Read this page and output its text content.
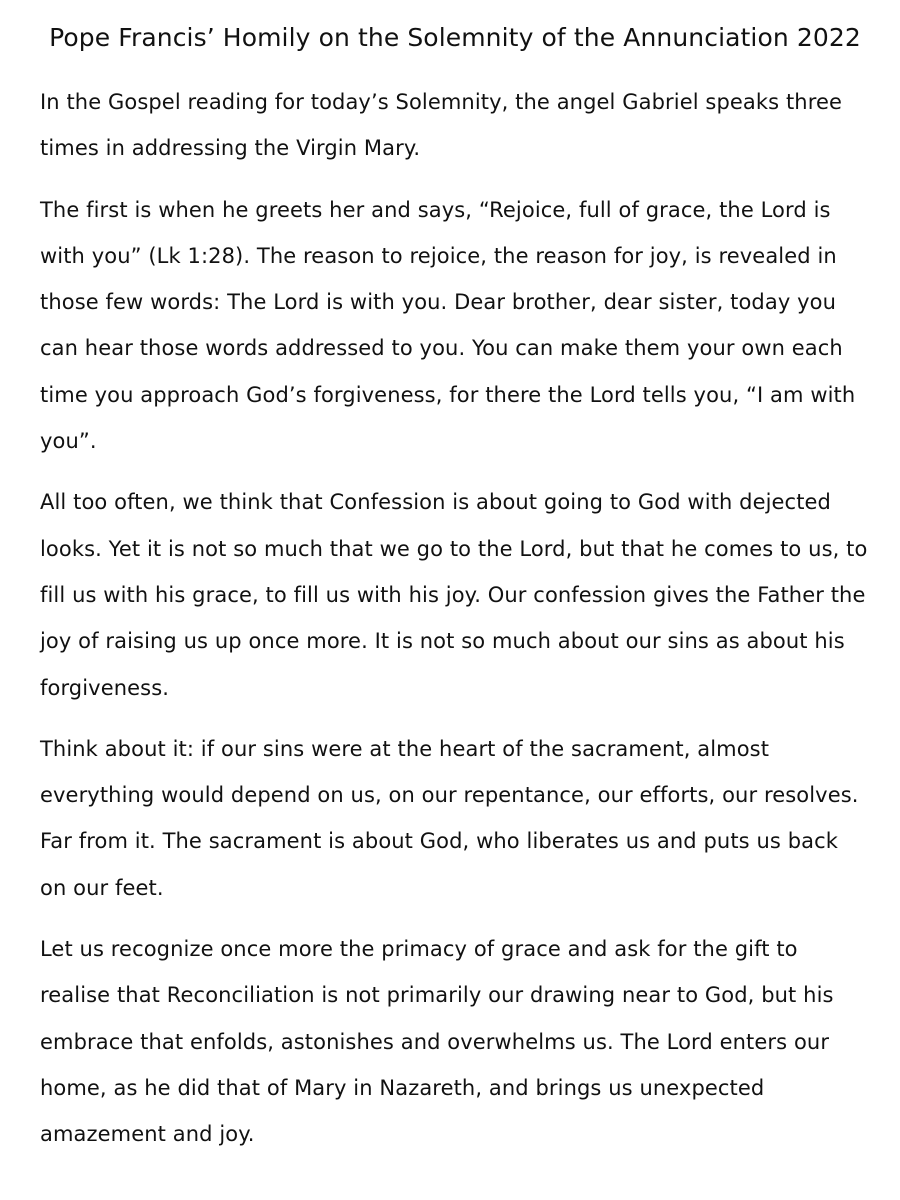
Pope Francis’ Homily on the Solemnity of the Annunciation 2022

In the Gospel reading for today’s Solemnity, the angel Gabriel speaks three times in addressing the Virgin Mary.

The first is when he greets her and says, “Rejoice, full of grace, the Lord is with you” (Lk 1:28). The reason to rejoice, the reason for joy, is revealed in those few words: The Lord is with you. Dear brother, dear sister, today you can hear those words addressed to you. You can make them your own each time you approach God’s forgiveness, for there the Lord tells you, “I am with you”.

All too often, we think that Confession is about going to God with dejected looks. Yet it is not so much that we go to the Lord, but that he comes to us, to fill us with his grace, to fill us with his joy. Our confession gives the Father the joy of raising us up once more. It is not so much about our sins as about his forgiveness.

Think about it: if our sins were at the heart of the sacrament, almost everything would depend on us, on our repentance, our efforts, our resolves. Far from it. The sacrament is about God, who liberates us and puts us back on our feet.

Let us recognize once more the primacy of grace and ask for the gift to realise that Reconciliation is not primarily our drawing near to God, but his embrace that enfolds, astonishes and overwhelms us. The Lord enters our home, as he did that of Mary in Nazareth, and brings us unexpected amazement and joy.
